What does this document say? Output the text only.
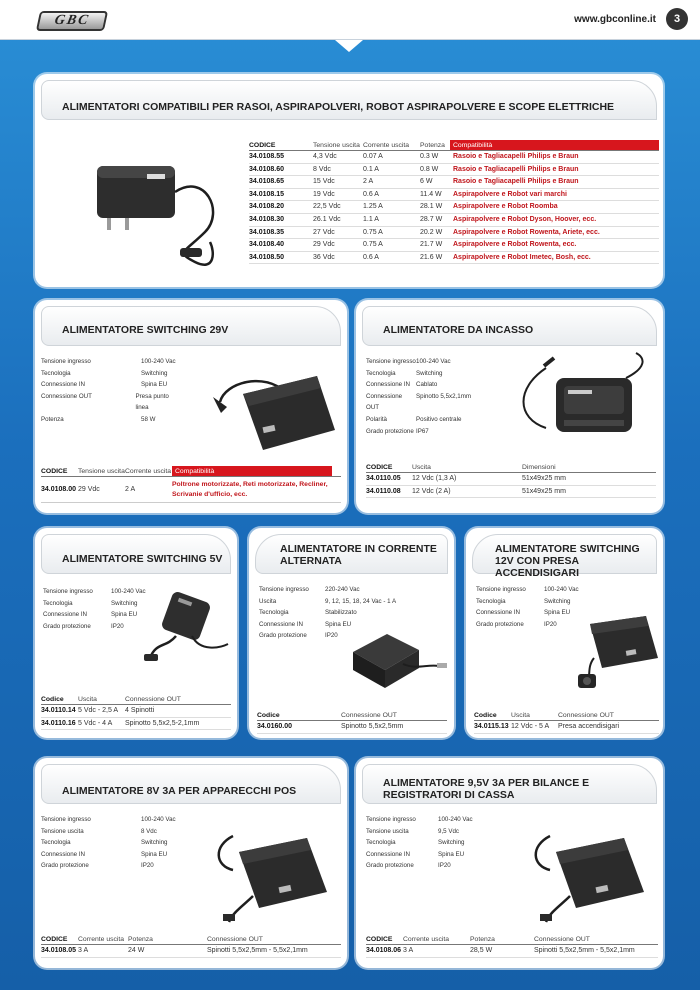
GBC	www.gbconline.it	3
ALIMENTATORI COMPATIBILI PER RASOI, ASPIRAPOLVERI, ROBOT ASPIRAPOLVERE E SCOPE ELETTRICHE
CODICE	Tensione uscita Corrente uscita	Potenza	Compatibilità
34.0108.55	4,3 Vdc	0.07 A	0.3 W	Rasoio e Tagliacapelli Philips e Braun
34.0108.60	8 Vdc	0.1 A	0.8 W	Rasoio e Tagliacapelli Philips e Braun
34.0108.65	15 Vdc	2 A	6 W	Rasoio e Tagliacapelli Philips e Braun
34.0108.15	19 Vdc	0.6 A	11.4 W	Aspirapolvere e Robot vari marchi
34.0108.20	22,5 Vdc	1.25 A	28.1 W	Aspirapolvere e Robot Roomba
34.0108.30	26.1 Vdc	1.1 A	28.7 W	Aspirapolvere e Robot Dyson, Hoover, ecc.
34.0108.35	27 Vdc	0.75 A	20.2 W	Aspirapolvere e Robot Rowenta, Ariete, ecc.
34.0108.40	29 Vdc	0.75 A	21.7 W	Aspirapolvere e Robot Rowenta, ecc.
34.0108.50	36 Vdc	0.6 A	21.6 W	Aspirapolvere e Robot Imetec, Bosh, ecc.
ALIMENTATORE SWITCHING 29V
Tensione ingresso	100-240 Vac
Tecnologia	Switching
Connessione IN	Spina EU
Connessione OUT	Presa punto linea
Potenza	58 W
CODICE	Tensione uscita Corrente uscita Compatibilità
34.0108.00 29 Vdc	2 A
Poltrone motorizzate, Reti motorizzate, Recliner, Scrivanie d'ufficio, ecc.
ALIMENTATORE DA INCASSO
Tensione ingresso 100-240 Vac
Tecnologia	Switching
Connessione IN Cablato
Connessione OUT
Spinotto 5,5x2,1mm
Polarità	Positivo centrale
Grado protezione IP67
CODICE	Uscita	Dimensioni
34.0110.05	12 Vdc (1,3 A)	51x49x25 mm
34.0110.08	12 Vdc (2 A)	51x49x25 mm
ALIMENTATORE SWITCHING 5V
Tensione ingresso	100-240 Vac
Tecnologia	Switching
Connessione IN	Spina EU
Grado protezione	IP20
Codice	Uscita	Connessione OUT
34.0110.14 5 Vdc - 2,5 A 4 Spinotti
34.0110.16 5 Vdc - 4 A	Spinotto 5,5x2,5-2,1mm
ALIMENTATORE IN CORRENTE ALTERNATA
Tensione ingresso	220-240 Vac
Uscita	9, 12, 15, 18, 24 Vac - 1 A
Tecnologia	Stabilizzato
Connessione IN	Spina EU
Grado protezione	IP20
Codice	Connessione OUT
34.0160.00	Spinotto 5,5x2,5mm
ALIMENTATORE SWITCHING 12V CON PRESA ACCENDISIGARI
Tensione ingresso	100-240 Vac
Tecnologia	Switching
Connessione IN	Spina EU
Grado protezione	IP20
Codice	Uscita	Connessione OUT
34.0115.13 12 Vdc - 5 A	Presa accendisigari
ALIMENTATORE 8V 3A PER APPARECCHI POS
Tensione ingresso	100-240 Vac
Tensione uscita	8 Vdc
Tecnologia	Switching
Connessione IN	Spina EU
Grado protezione	IP20
CODICE	Corrente uscita Potenza	Connessione OUT
34.0108.05 3 A	24 W	Spinotti 5,5x2,5mm - 5,5x2,1mm
ALIMENTATORE 9,5V 3A PER BILANCE E REGISTRATORI DI CASSA
Tensione ingresso	100-240 Vac
Tensione uscita	9,5 Vdc
Tecnologia	Switching
Connessione IN	Spina EU
Grado protezione	IP20
CODICE	Corrente uscita	Potenza	Connessione OUT
34.0108.06 3 A	28,5 W	Spinotti 5,5x2,5mm - 5,5x2,1mm
